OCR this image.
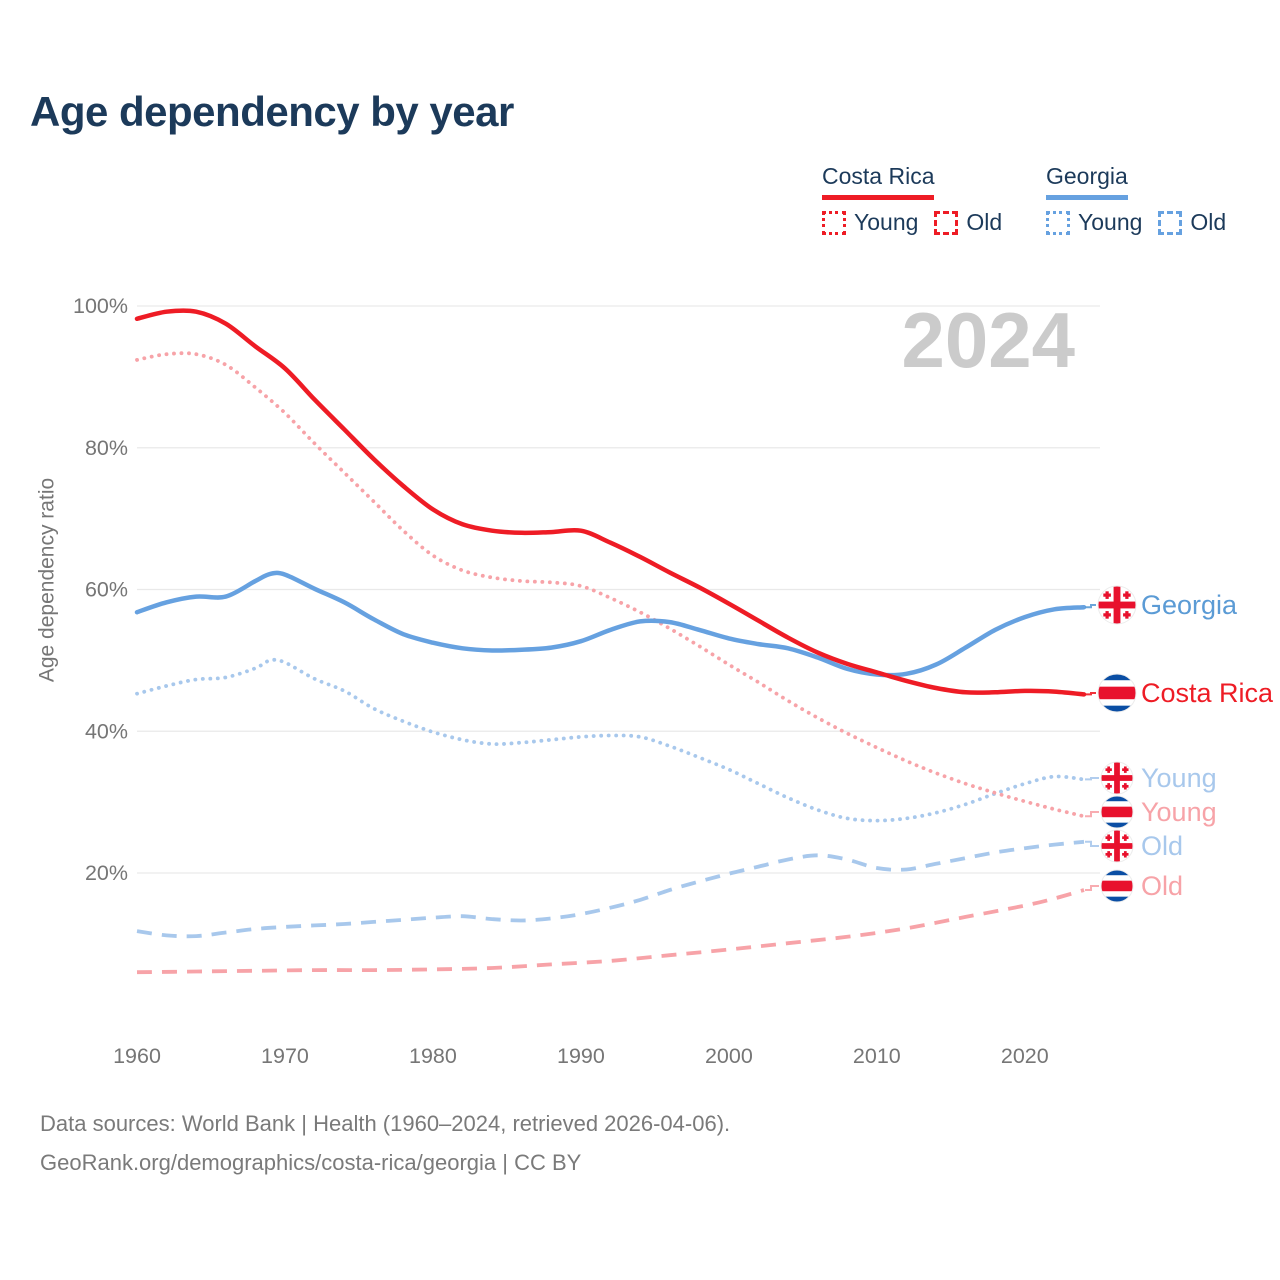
Age dependency by year
Costa Rica
Young Old
Georgia
Young Old
100%
80%
60%
40%
20%
1960	1970	1980	1990	2000	2010	2020
2024
Age dependency ratio	Georgia
Costa Rica
Young
Young
Old
Old
Data sources: World Bank | Health (1960–2024, retrieved 2026-04-06).
GeoRank.org/demographics/costa-rica/georgia | CC BY
